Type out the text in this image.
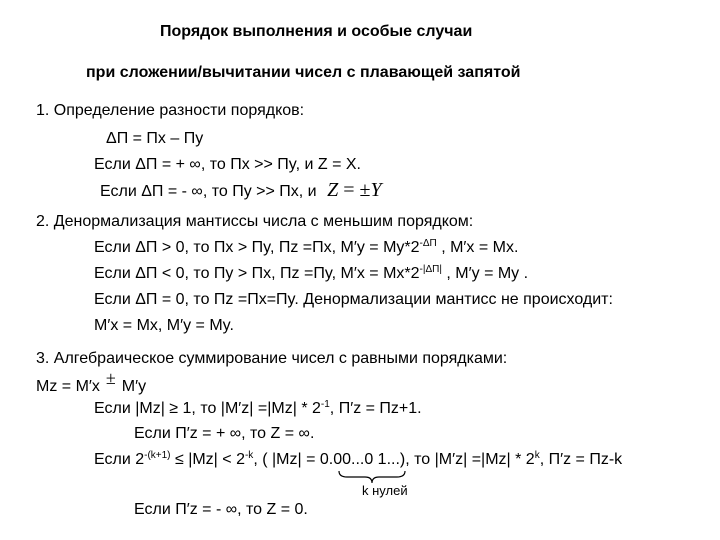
Порядок выполнения и особые случаи
при сложении/вычитании чисел с плавающей запятой
1. Определение разности порядков:
ΔП = Пх – Пy
Если ΔП = + ∞, то Пх >> Пy, и Z = X.
Если ΔП = - ∞, то Пy >> Пх, и Z = ±Y
2. Денормализация мантиссы числа с меньшим порядком:
Если ΔП > 0, то Пх > Пy, Пz =Пх, $M'y = My*2^{-\Delta П}$ , M′x = Mx.
Если ΔП < 0, то Пy > Пх, Пz =Пy, $M'x = Mx*2^{-|\Delta П|}$ , M′y = My .
Если ΔП = 0, то Пz =Пх=Пy. Денормализации мантисс не происходит:
M′x = Mx, M′y = My.
3. Алгебраическое суммирование чисел с равными порядками:
Mz = M′x ± M′y
Если |Mz| ≥ 1, то $|M'z| =|Mz| * 2^{-1}$, П′z = Пz+1.
Если П′z = + ∞, то Z = ∞.
Если $2^{-(k+1)} \le |Mz| < 2^{-k}$, ( |Mz| = 0.00...0 1...), то |M′z| =|Mz| * 2$^k$, П′z = Пz-k
k нулей
Если П′z = - ∞, то Z = 0.
